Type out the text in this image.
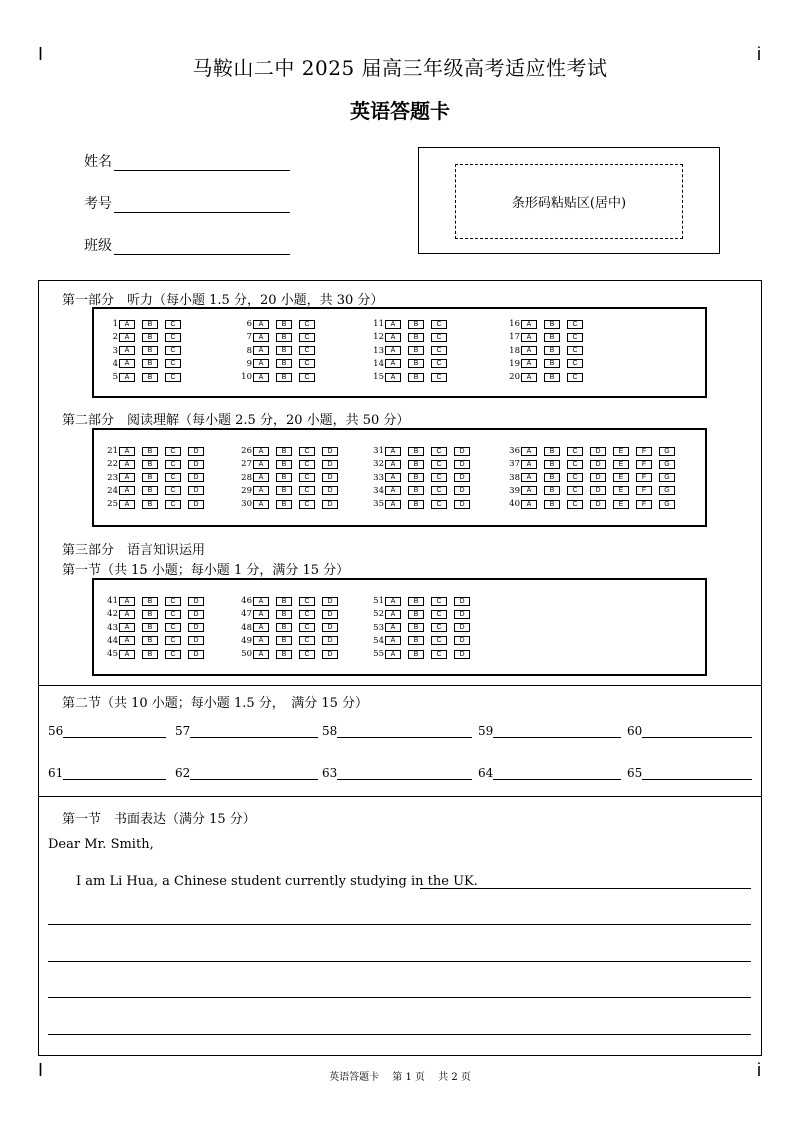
I	i
I	i
马鞍山二中 2025 届高三年级高考适应性考试
英语答题卡
姓名
考号
班级
条形码粘贴区(居中)
第一部分　听力（每小题 1.5 分，20 小题，共 30 分）
第二部分　阅读理解（每小题 2.5 分，20 小题，共 50 分）
第三部分　语言知识运用
第一节（共 15 小题；每小题 1 分，满分 15 分）
1 A	B	C
2 A	B	C
3 A	B	C
4 A	B	C
5 A	B	C
6 A	B	C
7 A	B	C
8 A	B	C
9 A	B	C
10 A	B	C
11 A	B	C
12 A	B	C
13 A	B	C
14 A	B	C
15 A	B	C
16 A	B	C
17 A	B	C
18 A	B	C
19 A	B	C
20 A	B	C
21 A	B	C	D
22 A	B	C	D
23 A	B	C	D
24 A	B	C	D
25 A	B	C	D
26 A	B	C	D
27 A	B	C	D
28 A	B	C	D
29 A	B	C	D
30 A	B	C	D
31 A	B	C	D
32 A	B	C	D
33 A	B	C	D
34 A	B	C	D
35 A	B	C	D
36 A	B	C	D	E	F	G
37 A	B	C	D	E	F	G
38 A	B	C	D	E	F	G
39 A	B	C	D	E	F	G
40 A	B	C	D	E	F	G
41 A	B	C	D
42 A	B	C	D
43 A	B	C	D
44 A	B	C	D
45 A	B	C	D
46 A	B	C	D
47 A	B	C	D
48 A	B	C	D
49 A	B	C	D
50 A	B	C	D
51 A	B	C	D
52 A	B	C	D
53 A	B	C	D
54 A	B	C	D
55 A	B	C	D
第二节（共 10 小题；每小题 1.5 分，　满分 15 分）
56	57	58	59	60
61	62	63	64	65
第一节　书面表达（满分 15 分）
Dear Mr. Smith,
I am Li Hua, a Chinese student currently studying in the UK.
英语答题卡　 第 1 页　 共 2 页
